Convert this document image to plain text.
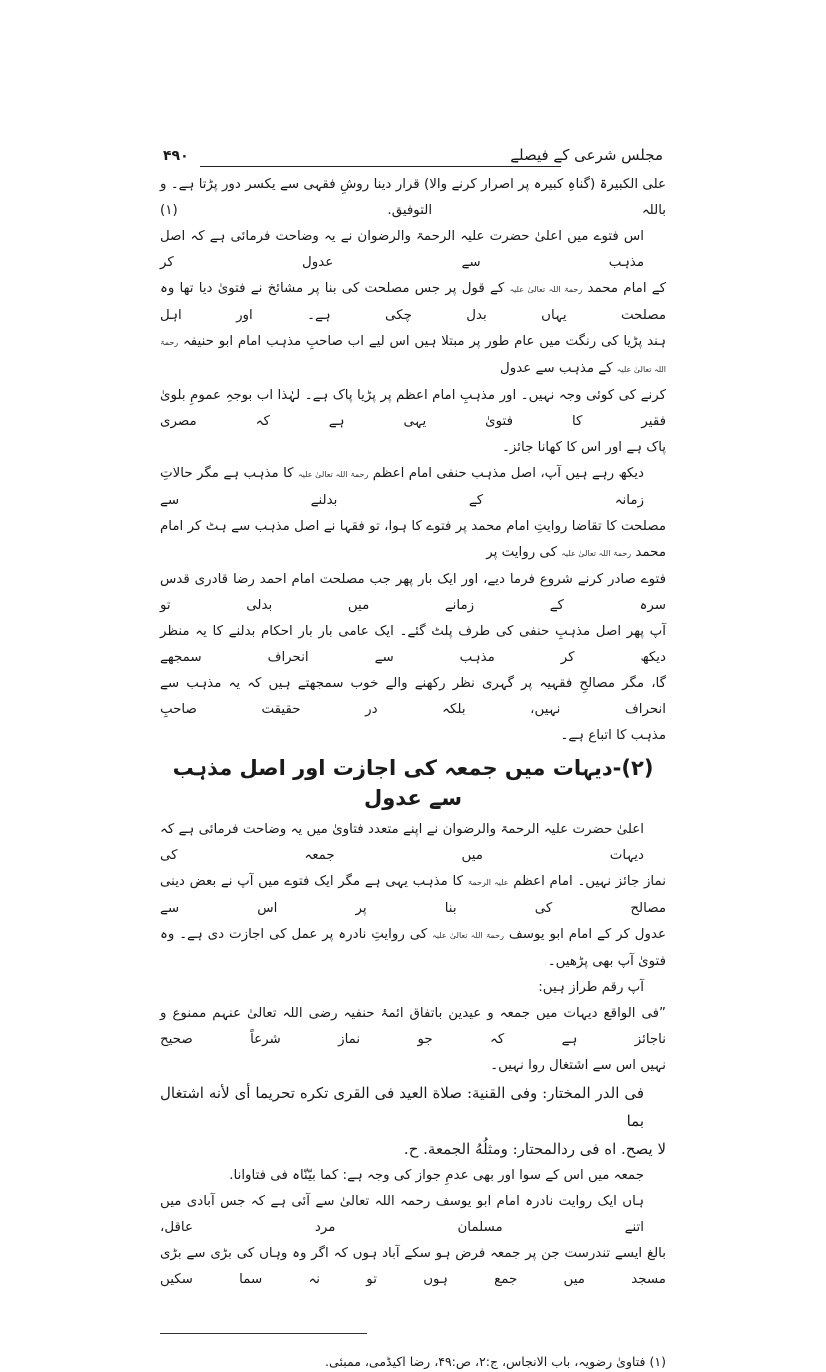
مجلس شرعی کے فیصلے
۴۹۰
علی الکبیرۃ (گناہِ کبیرہ پر اصرار کرنے والا) قرار دینا روشِ فقہی سے یکسر دور پڑتا ہے۔ و باللہ التوفیق. (۱)
اس فتوے میں اعلیٰ حضرت علیہ الرحمۃ والرضوان نے یہ وضاحت فرمائی ہے کہ اصل مذہب سے عدول کر
کے امام محمد رحمۃ اللہ تعالیٰ علیہ کے قول پر جس مصلحت کی بنا پر مشائخ نے فتویٰ دیا تھا وہ مصلحت یہاں بدل چکی ہے۔ اور اہل
ہند پڑیا کی رنگت میں عام طور پر مبتلا ہیں اس لیے اب صاحبِ مذہب امام ابو حنیفہ رحمۃ اللہ تعالیٰ علیہ کے مذہب سے عدول
کرنے کی کوئی وجہ نہیں۔ اور مذہبِ امام اعظم پر پڑیا پاک ہے۔ لہٰذا اب بوجہِ عمومِ بلویٰ فقیر کا فتویٰ یہی ہے کہ مصری
پاک ہے اور اس کا کھانا جائز۔
دیکھ رہے ہیں آپ، اصل مذہب حنفی امام اعظم رحمۃ اللہ تعالیٰ علیہ کا مذہب ہے مگر حالاتِ زمانہ کے بدلنے سے
مصلحت کا تقاضا روایتِ امام محمد پر فتوے کا ہوا، تو فقہا نے اصل مذہب سے ہٹ کر امام محمد رحمۃ اللہ تعالیٰ علیہ کی روایت پر
فتوے صادر کرنے شروع فرما دیے، اور ایک بار پھر جب مصلحت امام احمد رضا قادری قدس سرہ کے زمانے میں بدلی تو
آپ پھر اصل مذہبِ حنفی کی طرف پلٹ گئے۔ ایک عامی بار بار احکام بدلنے کا یہ منظر دیکھ کر مذہب سے انحراف سمجھے
گا، مگر مصالحِ فقہیہ پر گہری نظر رکھنے والے خوب سمجھتے ہیں کہ یہ مذہب سے انحراف نہیں، بلکہ در حقیقت صاحبِ
مذہب کا اتباع ہے۔
(۲)-دیہات میں جمعہ کی اجازت اور اصل مذہب سے عدول
اعلیٰ حضرت علیہ الرحمۃ والرضوان نے اپنے متعدد فتاویٰ میں یہ وضاحت فرمائی ہے کہ دیہات میں جمعہ کی
نماز جائز نہیں۔ امام اعظم علیہ الرحمۃ کا مذہب یہی ہے مگر ایک فتوے میں آپ نے بعض دینی مصالح کی بنا پر اس سے
عدول کر کے امام ابو یوسف رحمۃ اللہ تعالیٰ علیہ کی روایتِ نادرہ پر عمل کی اجازت دی ہے۔ وہ فتویٰ آپ بھی پڑھیں۔
آپ رقم طراز ہیں:
”فی الواقع دیہات میں جمعہ و عیدین باتفاق ائمۂ حنفیہ رضی اللہ تعالیٰ عنہم ممنوع و ناجائز ہے کہ جو نماز شرعاً صحیح
نہیں اس سے اشتغال روا نہیں۔
فی الدر المختار: وفی القنیة: صلاة العید فی القری تکره تحریما أی لأنه اشتغال بما
لا یصح. اه فی ردالمحتار: ومثلُهُ الجمعة. ح.
جمعہ میں اس کے سوا اور بھی عدمِ جواز کی وجہ ہے: کما بیّنّاہ فی فتاوانا.
ہاں ایک روایت نادرہ امام ابو یوسف رحمہ اللہ تعالیٰ سے آئی ہے کہ جس آبادی میں اتنے مسلمان مرد عاقل،
بالغ ایسے تندرست جن پر جمعہ فرض ہو سکے آباد ہوں کہ اگر وہ وہاں کی بڑی سے بڑی مسجد میں جمع ہوں تو نہ سما سکیں
(۱) فتاویٰ رضویہ، باب الانجاس، ج:۲، ص:۴۹، رضا اکیڈمی، ممبئی.
